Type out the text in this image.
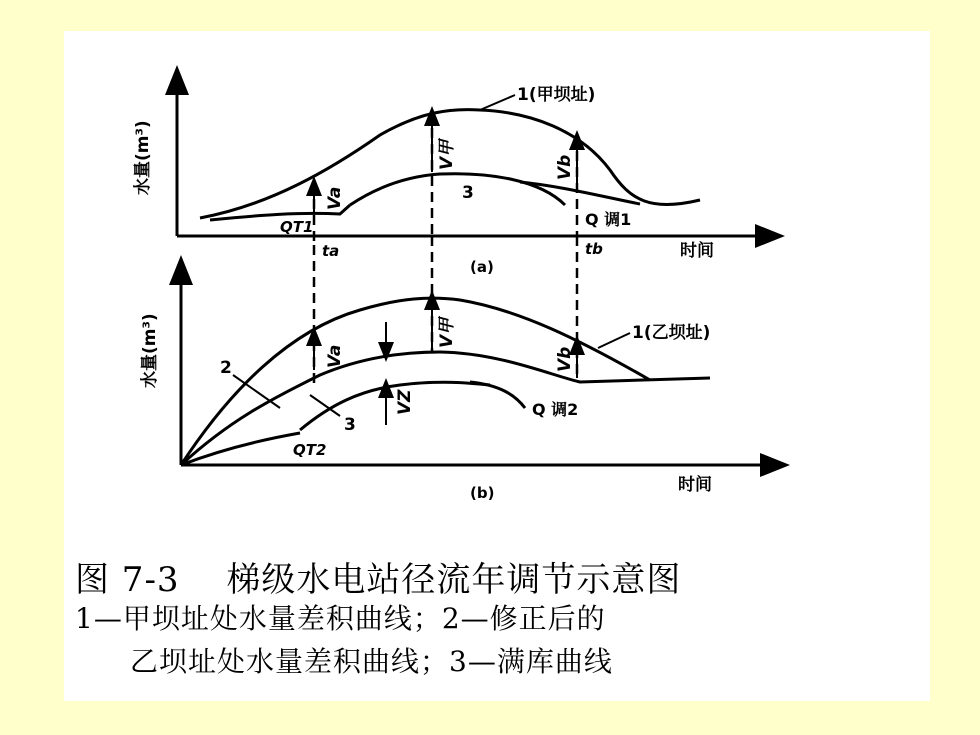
水量(m³)
1(甲坝址)
V甲	Vb
Va	3
QT1	Q 调1
ta	tb
(a)
时间
水量(m³)	1(乙坝址)
V甲
Vb
Va
VZ
2
3
QT2
Q 调2
(b)	时间
图 7-3　 梯级水电站径流年调节示意图
1—甲坝址处水量差积曲线；2—修正后的
乙坝址处水量差积曲线；3—满库曲线
